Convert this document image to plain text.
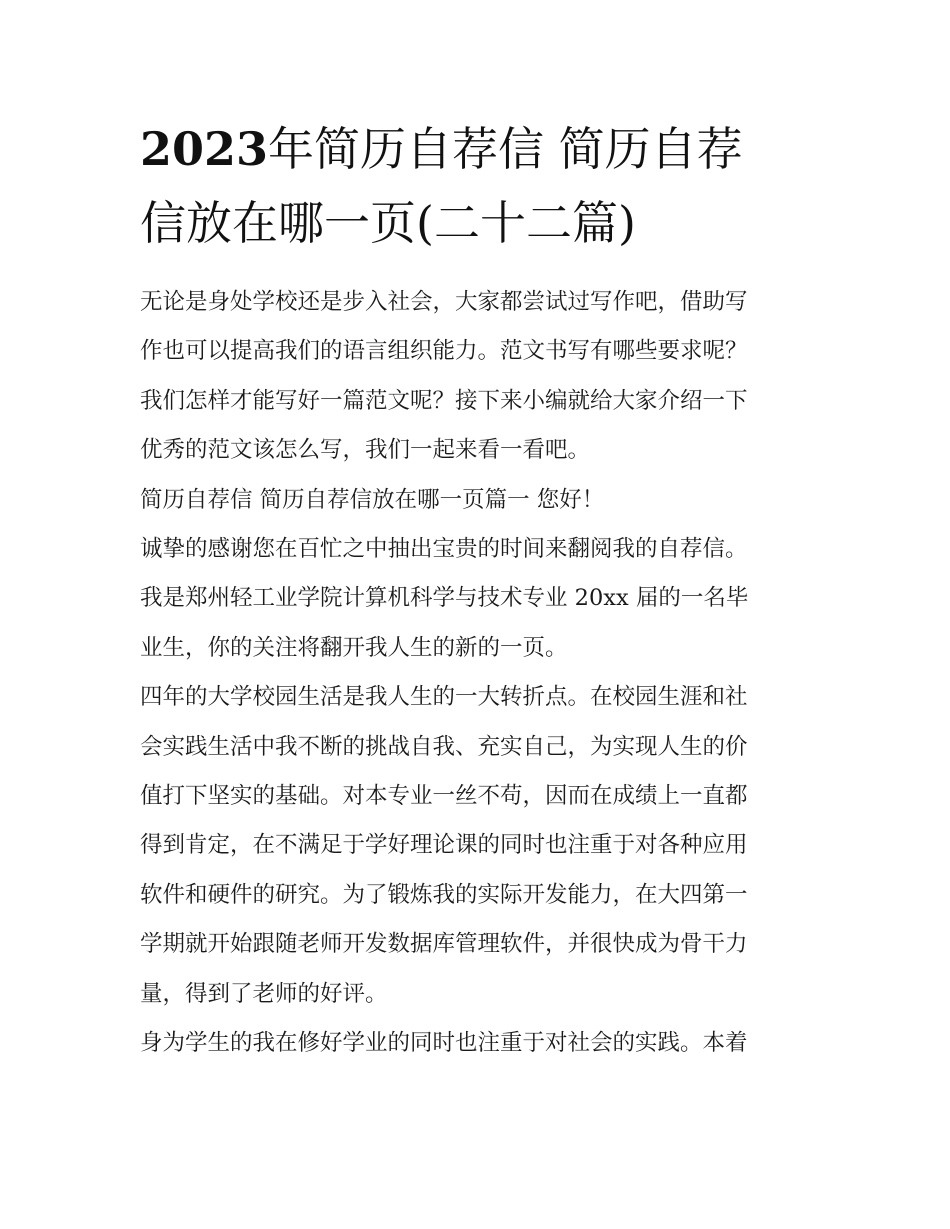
2023年简历自荐信 简历自荐
信放在哪一页(二十二篇)

无论是身处学校还是步入社会，大家都尝试过写作吧，借助写
作也可以提高我们的语言组织能力。范文书写有哪些要求呢？
我们怎样才能写好一篇范文呢？接下来小编就给大家介绍一下
优秀的范文该怎么写，我们一起来看一看吧。

简历自荐信 简历自荐信放在哪一页篇一 您好！

诚挚的感谢您在百忙之中抽出宝贵的时间来翻阅我的自荐信。

我是郑州轻工业学院计算机科学与技术专业 20xx 届的一名毕
业生，你的关注将翻开我人生的新的一页。

四年的大学校园生活是我人生的一大转折点。在校园生涯和社
会实践生活中我不断的挑战自我、充实自己，为实现人生的价
值打下坚实的基础。对本专业一丝不苟，因而在成绩上一直都
得到肯定，在不满足于学好理论课的同时也注重于对各种应用
软件和硬件的研究。为了锻炼我的实际开发能力，在大四第一
学期就开始跟随老师开发数据库管理软件，并很快成为骨干力
量，得到了老师的好评。

身为学生的我在修好学业的同时也注重于对社会的实践。本着
